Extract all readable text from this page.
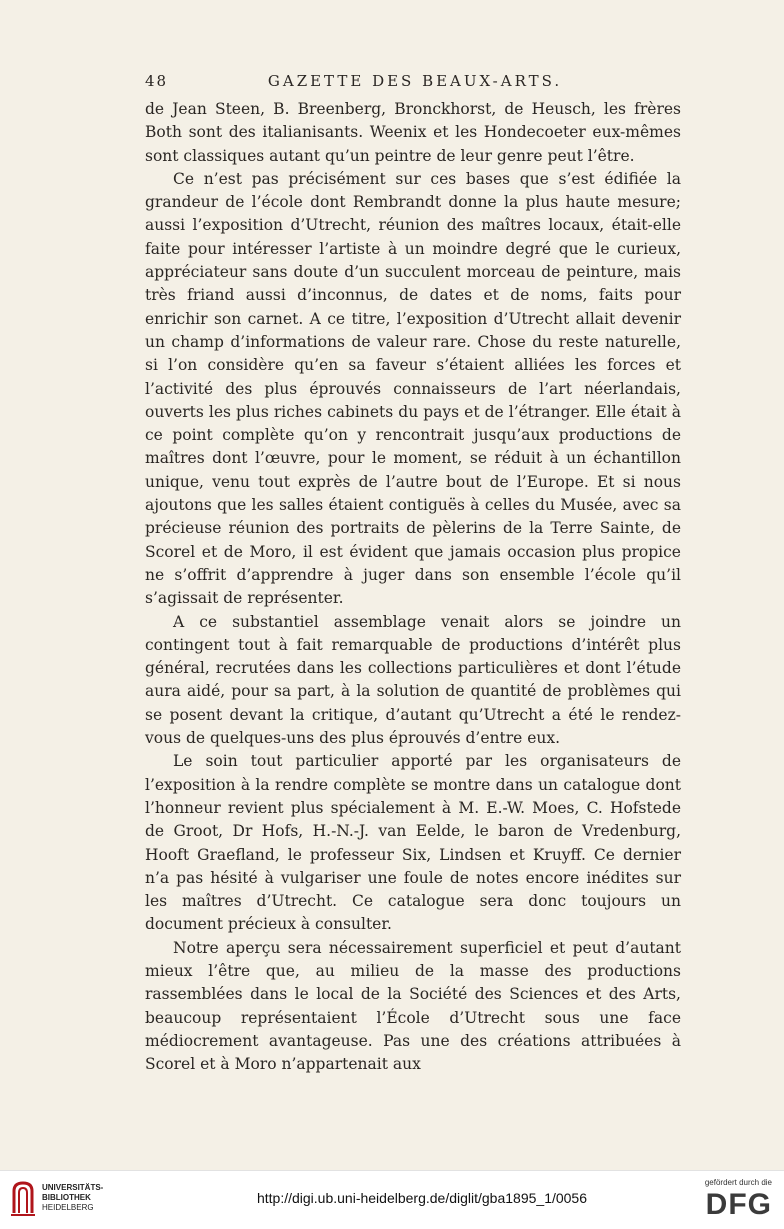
48	GAZETTE DES BEAUX-ARTS.

de Jean Steen, B. Breenberg, Bronckhorst, de Heusch, les frères Both sont des italianisants. Weenix et les Hondecoeter eux-mêmes sont classiques autant qu’un peintre de leur genre peut l’être.

Ce n’est pas précisément sur ces bases que s’est édifiée la grandeur de l’école dont Rembrandt donne la plus haute mesure; aussi l’exposition d’Utrecht, réunion des maîtres locaux, était-elle faite pour intéresser l’artiste à un moindre degré que le curieux, appréciateur sans doute d’un succulent morceau de peinture, mais très friand aussi d’inconnus, de dates et de noms, faits pour enrichir son carnet. A ce titre, l’exposition d’Utrecht allait devenir un champ d’informations de valeur rare. Chose du reste naturelle, si l’on considère qu’en sa faveur s’étaient alliées les forces et l’activité des plus éprouvés connaisseurs de l’art néerlandais, ouverts les plus riches cabinets du pays et de l’étranger. Elle était à ce point complète qu’on y rencontrait jusqu’aux productions de maîtres dont l’œuvre, pour le moment, se réduit à un échantillon unique, venu tout exprès de l’autre bout de l’Europe. Et si nous ajoutons que les salles étaient contiguës à celles du Musée, avec sa précieuse réunion des portraits de pèlerins de la Terre Sainte, de Scorel et de Moro, il est évident que jamais occasion plus propice ne s’offrit d’apprendre à juger dans son ensemble l’école qu’il s’agissait de représenter.

A ce substantiel assemblage venait alors se joindre un contingent tout à fait remarquable de productions d’intérêt plus général, recrutées dans les collections particulières et dont l’étude aura aidé, pour sa part, à la solution de quantité de problèmes qui se posent devant la critique, d’autant qu’Utrecht a été le rendez-vous de quelques-uns des plus éprouvés d’entre eux.

Le soin tout particulier apporté par les organisateurs de l’exposition à la rendre complète se montre dans un catalogue dont l’honneur revient plus spécialement à M. E.-W. Moes, C. Hofstede de Groot, Dr Hofs, H.-N.-J. van Eelde, le baron de Vredenburg, Hooft Graefland, le professeur Six, Lindsen et Kruyff. Ce dernier n’a pas hésité à vulgariser une foule de notes encore inédites sur les maîtres d’Utrecht. Ce catalogue sera donc toujours un document précieux à consulter.

Notre aperçu sera nécessairement superficiel et peut d’autant mieux l’être que, au milieu de la masse des productions rassemblées dans le local de la Société des Sciences et des Arts, beaucoup représentaient l’École d’Utrecht sous une face médiocrement avantageuse. Pas une des créations attribuées à Scorel et à Moro n’appartenait aux

UNIVERSITÄTS-
BIBLIOTHEK
HEIDELBERG
http://digi.ub.uni-heidelberg.de/diglit/gba1895_1/0056
gefördert durch die
DFG
